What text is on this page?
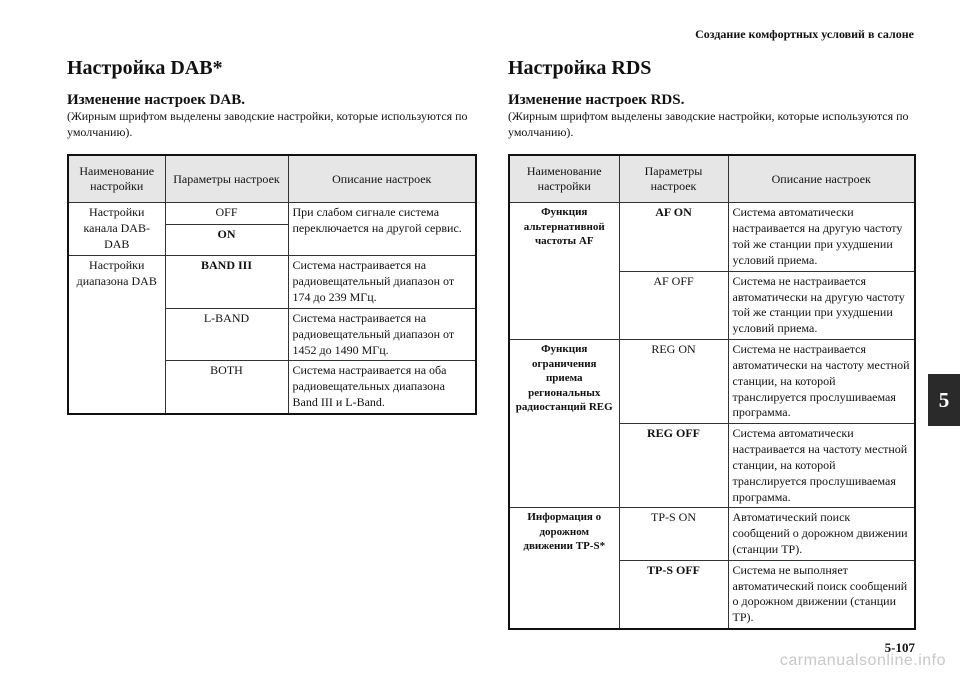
Создание комфортных условий в салоне
5
5-107
carmanualsonline.info
Настройка DAB*
Изменение настроек DAB.

(Жирным шрифтом выделены заводские настройки, которые используются по умолчанию).

Наименование настройки	Параметры настроек	Описание настроек
Настройки канала DAB-DAB	OFF	При слабом сигнале система переключается на другой сервис.
	ON	
Настройки диапазона DAB	BAND III	Система настраивается на радиовещательный диапазон от 174 до 239 МГц.
	L-BAND	Система настраивается на радиовещательный диапазон от 1452 до 1490 МГц.
	BOTH	Система настраивается на оба радиовещательных диапазона Band III и L-Band.
Настройка RDS
Изменение настроек RDS.

(Жирным шрифтом выделены заводские настройки, которые используются по умолчанию).

Наименование настройки	Параметры настроек	Описание настроек
Функция альтернативной частоты AF	AF ON	Система автоматически настраивается на другую частоту той же станции при ухудшении условий приема.
	AF OFF	Система не настраивается автоматически на другую частоту той же станции при ухудшении условий приема.
Функция ограничения приема региональных радиостанций REG	REG ON	Система не настраивается автоматически на частоту местной станции, на которой транслируется прослушиваемая программа.
	REG OFF	Система автоматически настраивается на частоту местной станции, на которой транслируется прослушиваемая программа.
Информация о дорожном движении TP-S*	TP-S ON	Автоматический поиск сообщений о дорожном движении (станции TP).
	TP-S OFF	Система не выполняет автоматический поиск сообщений о дорожном движении (станции TP).
